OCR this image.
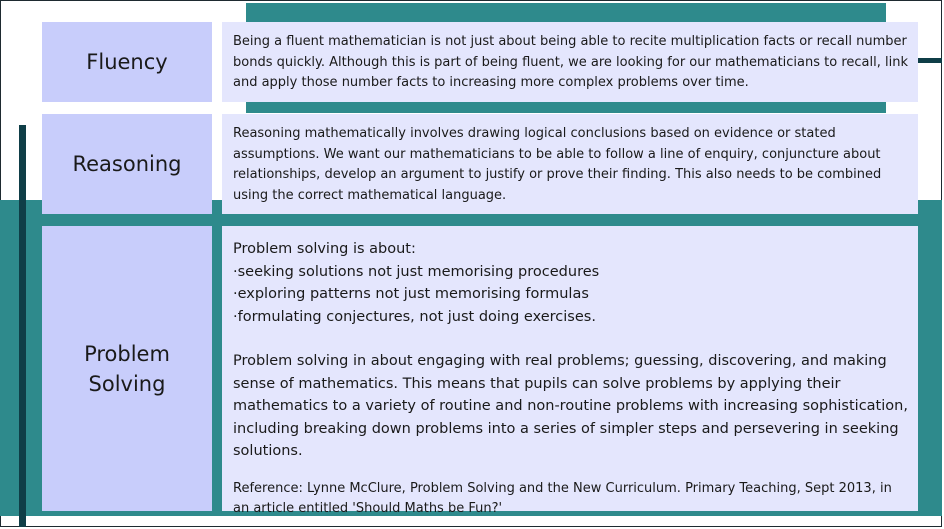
Fluency

Being a fluent mathematician is not just about being able to recite multiplication facts or recall number bonds quickly. Although this is part of being fluent, we are looking for our mathematicians to recall, link and apply those number facts to increasing more complex problems over time.

Reasoning

Reasoning mathematically involves drawing logical conclusions based on evidence or stated assumptions. We want our mathematicians to be able to follow a line of enquiry, conjuncture about relationships, develop an argument to justify or prove their finding. This also needs to be combined using the correct mathematical language.

Problem
Solving

Problem solving is about:

·seeking solutions not just memorising procedures

·exploring patterns not just memorising formulas

·formulating conjectures, not just doing exercises.

Problem solving in about engaging with real problems; guessing, discovering, and making sense of mathematics. This means that pupils can solve problems by applying their mathematics to a variety of routine and non-routine problems with increasing sophistication, including breaking down problems into a series of simpler steps and persevering in seeking solutions.

Reference: Lynne McClure, Problem Solving and the New Curriculum. Primary Teaching, Sept 2013, in an article entitled 'Should Maths be Fun?'
